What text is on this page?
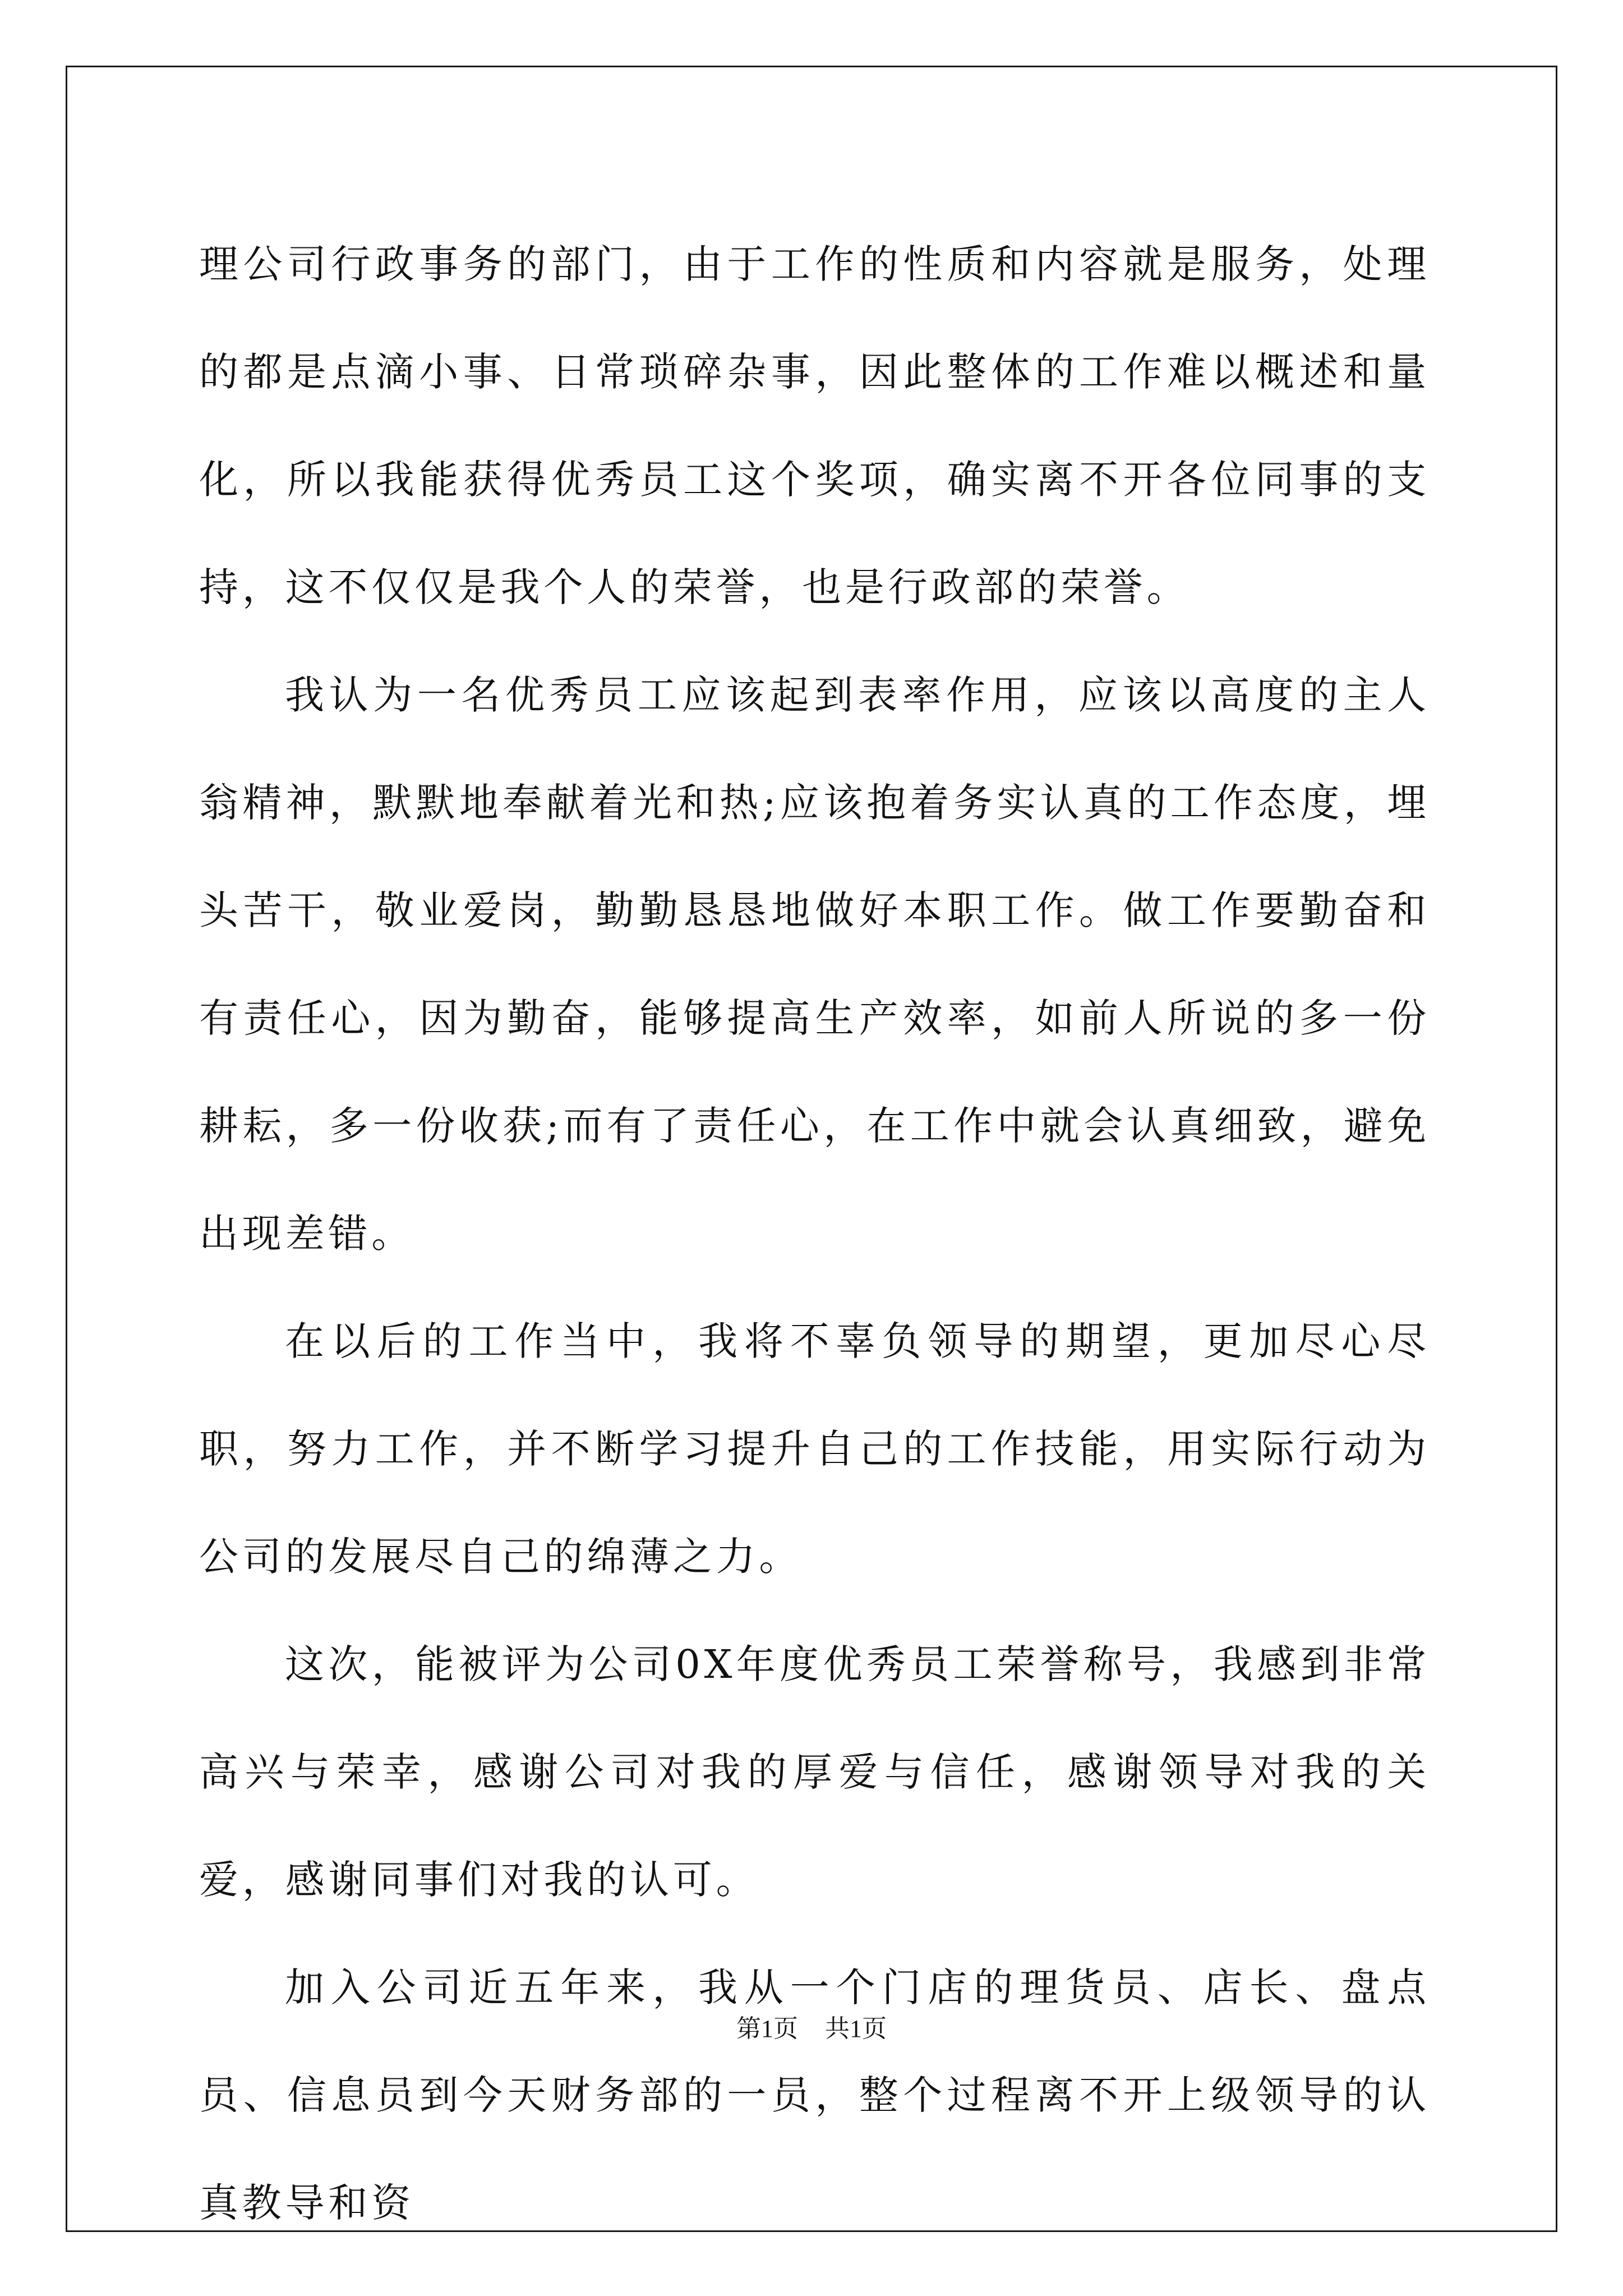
理公司行政事务的部门，由于工作的性质和内容就是服务，处理的都是点滴小事、日常琐碎杂事，因此整体的工作难以概述和量化，所以我能获得优秀员工这个奖项，确实离不开各位同事的支持，这不仅仅是我个人的荣誉，也是行政部的荣誉。

我认为一名优秀员工应该起到表率作用，应该以高度的主人翁精神，默默地奉献着光和热;应该抱着务实认真的工作态度，埋头苦干，敬业爱岗，勤勤恳恳地做好本职工作。做工作要勤奋和有责任心，因为勤奋，能够提高生产效率，如前人所说的多一份耕耘，多一份收获;而有了责任心，在工作中就会认真细致，避免出现差错。

在以后的工作当中，我将不辜负领导的期望，更加尽心尽职，努力工作，并不断学习提升自己的工作技能，用实际行动为公司的发展尽自己的绵薄之力。

这次，能被评为公司0X年度优秀员工荣誉称号，我感到非常高兴与荣幸，感谢公司对我的厚爱与信任，感谢领导对我的关爱，感谢同事们对我的认可。

加入公司近五年来，我从一个门店的理货员、店长、盘点员、信息员到今天财务部的一员，整个过程离不开上级领导的认真教导和资

第1页 共1页
